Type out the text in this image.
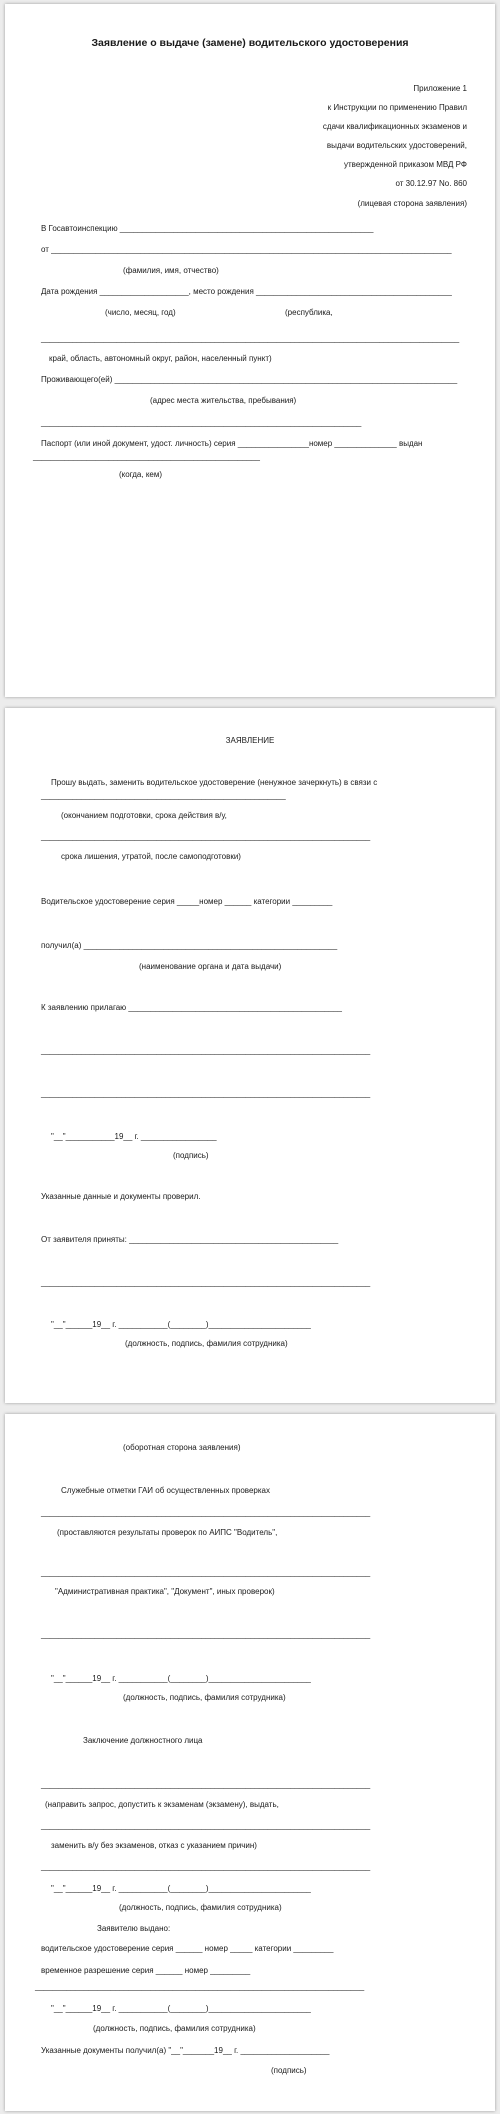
Заявление о выдаче (замене) водительского удостоверения
Приложение 1
к Инструкции по применению Правил
сдачи квалификационных экзаменов и
выдачи водительских удостоверений,
утвержденной приказом МВД РФ
от 30.12.97 No. 860
(лицевая сторона заявления)
В Госавтоинспекцию _________________________________________________________
от __________________________________________________________________________________________
(фамилия, имя, отчество)
Дата рождения ____________________, место рождения ____________________________________________
(число, месяц, год)	(республика,
______________________________________________________________________________________________
край, область, автономный округ, район, населенный пункт)
Проживающего(ей) _____________________________________________________________________________
(адрес места жительства, пребывания)
________________________________________________________________________
Паспорт (или иной документ, удост. личность) серия ________________номер ______________ выдан
___________________________________________________
(когда, кем)
ЗАЯВЛЕНИЕ
Прошу выдать, заменить водительское удостоверение (ненужное зачеркнуть) в связи с
_______________________________________________________
(окончанием подготовки, срока действия в/у,
__________________________________________________________________________
срока лишения, утратой, после самоподготовки)
Водительское удостоверение серия _____номер ______ категории _________
получил(а) _________________________________________________________
(наименование органа и дата выдачи)
К заявлению прилагаю ________________________________________________
__________________________________________________________________________
__________________________________________________________________________
"__"___________19__ г. _________________
(подпись)
Указанные данные и документы проверил.
От заявителя приняты: _______________________________________________
__________________________________________________________________________
"__"______19__ г. ___________(________)_______________________
(должность, подпись, фамилия сотрудника)
(оборотная сторона заявления)
Служебные отметки ГАИ об осуществленных проверках
__________________________________________________________________________
(проставляются результаты проверок по АИПС "Водитель",
__________________________________________________________________________
"Административная практика", "Документ", иных проверок)
__________________________________________________________________________
"__"______19__ г. ___________(________)_______________________
(должность, подпись, фамилия сотрудника)
Заключение должностного лица
__________________________________________________________________________
(направить запрос, допустить к экзаменам (экзамену), выдать,
__________________________________________________________________________
заменить в/у без экзаменов, отказ с указанием причин)
__________________________________________________________________________
"__"______19__ г. ___________(________)_______________________
(должность, подпись, фамилия сотрудника)
Заявителю выдано:
водительское удостоверение серия ______ номер _____ категории _________
временное разрешение серия ______ номер _________
__________________________________________________________________________
"__"______19__ г. ___________(________)_______________________
(должность, подпись, фамилия сотрудника)
Указанные документы получил(а) "__"_______19__ г. ____________________
(подпись)
